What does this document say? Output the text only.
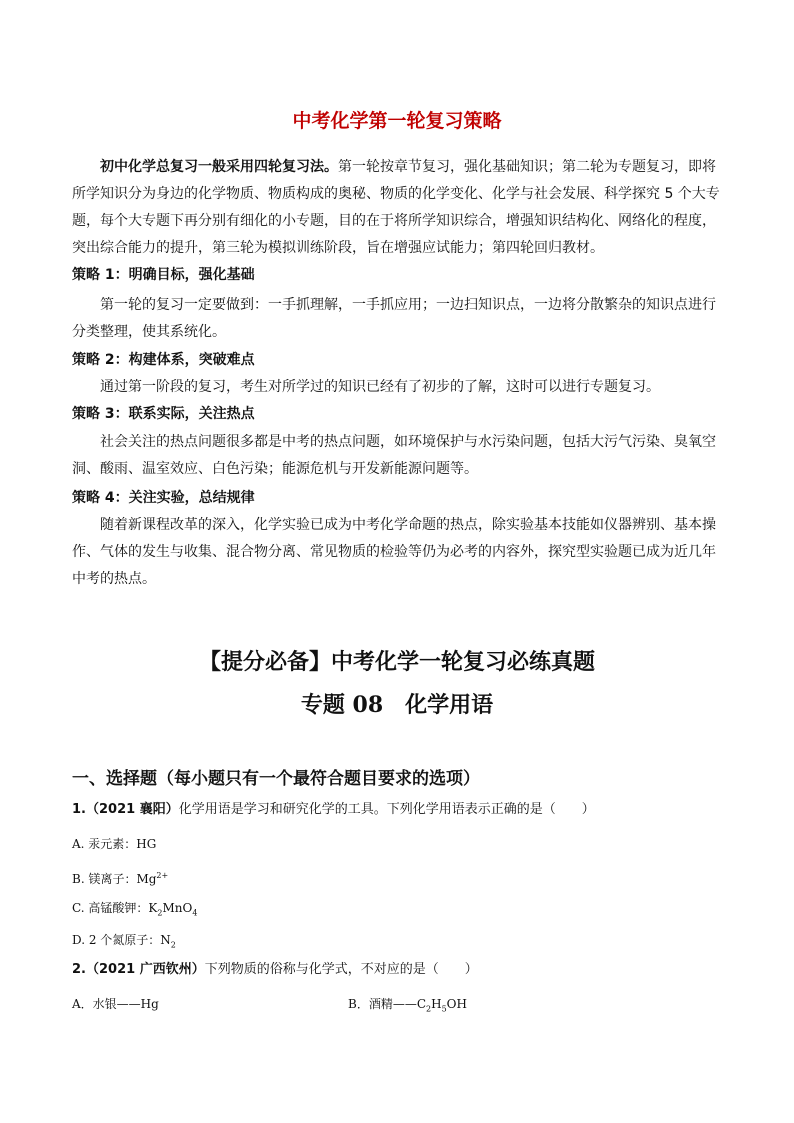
中考化学第一轮复习策略

初中化学总复习一般采用四轮复习法。第一轮按章节复习，强化基础知识；第二轮为专题复习，即将所学知识分为身边的化学物质、物质构成的奥秘、物质的化学变化、化学与社会发展、科学探究 5 个大专题，每个大专题下再分别有细化的小专题，目的在于将所学知识综合，增强知识结构化、网络化的程度，突出综合能力的提升，第三轮为模拟训练阶段，旨在增强应试能力；第四轮回归教材。

策略 1：明确目标，强化基础

第一轮的复习一定要做到：一手抓理解，一手抓应用；一边扫知识点，一边将分散繁杂的知识点进行分类整理，使其系统化。

策略 2：构建体系，突破难点

通过第一阶段的复习，考生对所学过的知识已经有了初步的了解，这时可以进行专题复习。

策略 3：联系实际，关注热点

社会关注的热点问题很多都是中考的热点问题，如环境保护与水污染问题，包括大污气污染、臭氧空洞、酸雨、温室效应、白色污染；能源危机与开发新能源问题等。

策略 4：关注实验，总结规律

随着新课程改革的深入，化学实验已成为中考化学命题的热点，除实验基本技能如仪器辨别、基本操作、气体的发生与收集、混合物分离、常见物质的检验等仍为必考的内容外，探究型实验题已成为近几年中考的热点。

【提分必备】中考化学一轮复习必练真题
专题 08　化学用语
一、选择题（每小题只有一个最符合题目要求的选项）
1.（2021 襄阳）化学用语是学习和研究化学的工具。下列化学用语表示正确的是（　　）
A. 汞元素：HG
B. 镁离子：$Mg^{2+}$
C. 高锰酸钾：$K_2MnO_4$
D. 2 个氮原子：$N_2$
2.（2021 广西钦州）下列物质的俗称与化学式，不对应的是（　　）
A．水银——Hg	B．酒精$——C_2H_5OH$
